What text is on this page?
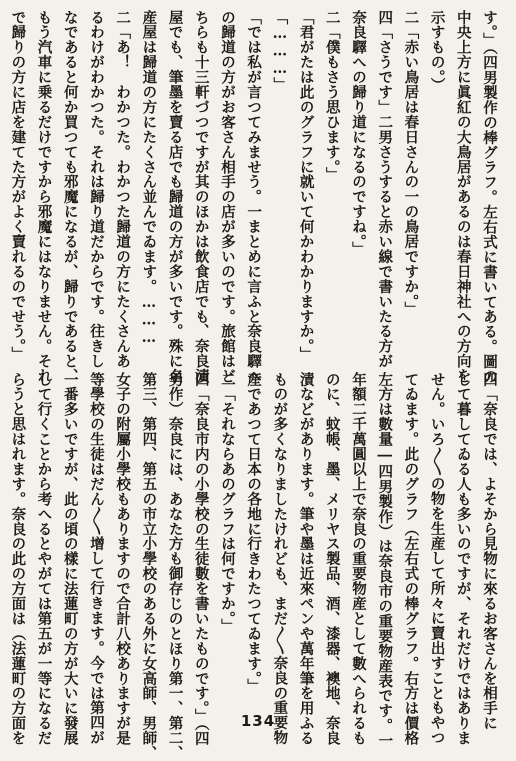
す。」（四男製作の棒グラフ。左右式に書いてある。圖の
中央上方に眞紅の大鳥居があるのは春日神社への方向を
示すもの。）
二「赤い鳥居は春日さんの一の鳥居ですか。」
四「さうです」二男さうすると赤い線で書いたる方が
奈良驛への歸り道になるのですね。」
二「僕もさう思ひます。」
「君がたは此のグラフに就いて何かわかりますか。」
「………」
「では私が言つてみませう。一まとめに言ふと奈良驛へ
の歸道の方がお客さん相手の店が多いのです。旅館はど
ちらも十三軒づつですが其のほかは飲食店でも、奈良漬
屋でも、筆墨を賣る店でも歸道の方が多いです。殊に名
産屋は歸道の方にたくさん並んでゐます。………
二「あ！　わかつた。わかつた歸道の方にたくさんあ
るわけがわかつた。それは歸り道だからです。往きし
なであると何か買つても邪魔になるが、歸りであると、
もう汽車に乗るだけですから邪魔にはなりません。それ
で歸りの方に店を建てた方がよく賣れるのでせう。」

四「奈良では、よそから見物に來るお客さんを相手に
して暮してゐる人も多いのですが、それだけではありま
せん。いろ〳〵の物を生産して所々に賣出すこともやつ
てゐます。此のグラフ（左右式の棒グラフ。右方は價格
左方は數量―四男製作）は奈良市の重要物産表です。一
年額二千萬圓以上で奈良の重要物産として數へられるも
のに、蚊帳、墨、メリヤス製品、酒、漆器、襖地、奈良
漬などがあります。筆や墨は近來ペンや萬年筆を用ふる
ものが多くなりましたけれども、まだ〳〵奈良の重要物
産であつて日本の各地に行きわたつてゐます。」
二「それならあのグラフは何ですか。」
四「奈良市内の小學校の生徒數を書いたものです。」（四
男作）奈良には、あなた方も御存じのとほり第一、第二、
第三、第四、第五の市立小學校のある外に女高師、男師、
女子の附屬小學校もありますので合計八校ありますが是
等學校の生徒はだん〳〵增して行きます。今では第四が
一番多いですが、此の頃の樣に法蓮町の方が大いに發展
して行くことから考へるとやがては第五が一等になるだ
らうと思はれます。奈良の此の方面は（法蓮町の方面を	134
